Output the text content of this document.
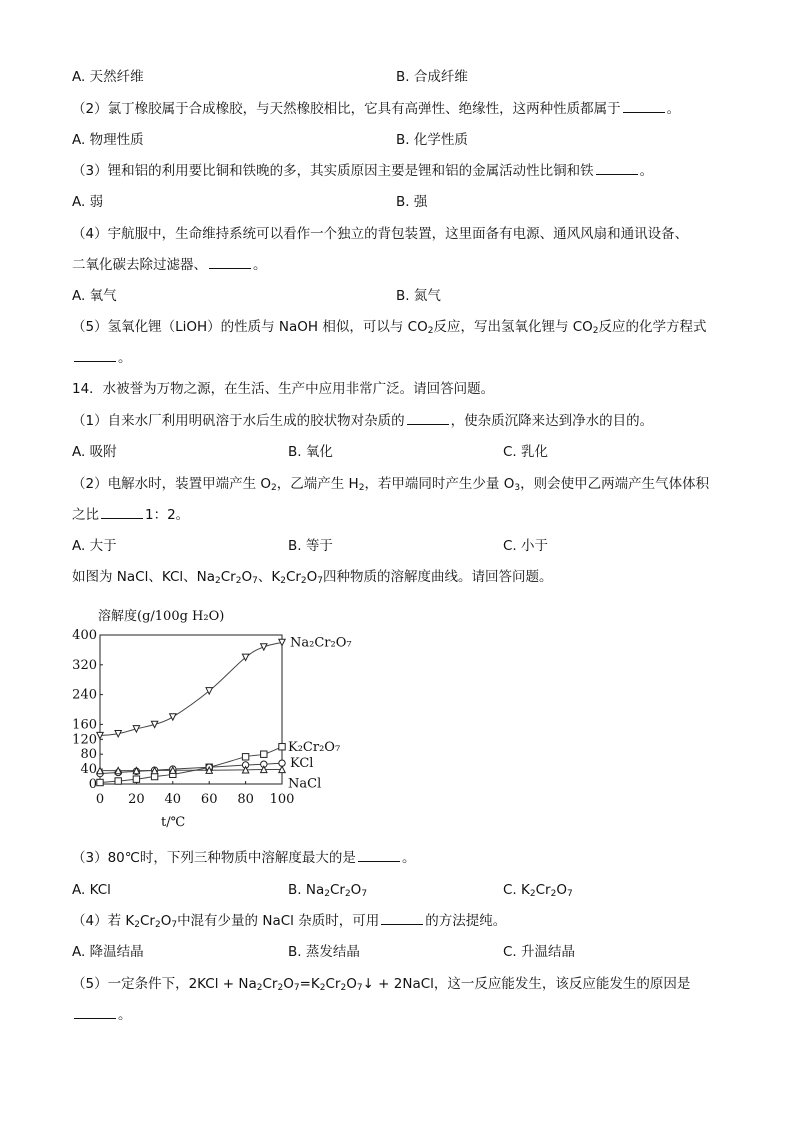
A. 天然纤维	B. 合成纤维
（2）氯丁橡胶属于合成橡胶，与天然橡胶相比，它具有高弹性、绝缘性，这两种性质都属于	。
A. 物理性质	B. 化学性质
（3）锂和铝的利用要比铜和铁晚的多，其实质原因主要是锂和铝的金属活动性比铜和铁	。
A. 弱	B. 强
（4）宇航服中，生命维持系统可以看作一个独立的背包装置，这里面备有电源、通风风扇和通讯设备、
二氧化碳去除过滤器、	。
A. 氧气	B. 氮气
（5）氢氧化锂（LiOH）的性质与 NaOH 相似，可以与 $CO_2$反应，写出氢氧化锂与 $CO_2$反应的化学方程式
。
14．水被誉为万物之源，在生活、生产中应用非常广泛。请回答问题。
（1）自来水厂利用明矾溶于水后生成的胶状物对杂质的	，使杂质沉降来达到净水的目的。
A. 吸附	B. 氧化	C. 乳化
（2）电解水时，装置甲端产生 $O_2$，乙端产生 $H_2$，若甲端同时产生少量 $O_3$，则会使甲乙两端产生气体体积
之比	1：2。
A. 大于	B. 等于	C. 小于
如图为 NaCl、KCl、$Na_2Cr_2O_7$、$K_2Cr_2O_7$四种物质的溶解度曲线。请回答问题。
溶解度(g/100g H₂O)
t/℃
0 20 40 60 80 100
0
40
80
120
160
240
320
400	Na₂Cr₂O₇
K₂Cr₂O₇
KCl
NaCl
（3）80℃时，下列三种物质中溶解度最大的是	。
A. KCl	B. $Na_2Cr_2O_7$	C. $K_2Cr_2O_7$
（4）若 $K_2Cr_2O_7$中混有少量的 NaCl 杂质时，可用	的方法提纯。
A. 降温结晶	B. 蒸发结晶	C. 升温结晶
（5）一定条件下，$2KCl + Na_2Cr_2O_7=K_2Cr_2O_7↓$ + 2NaCl，这一反应能发生，该反应能发生的原因是
。
